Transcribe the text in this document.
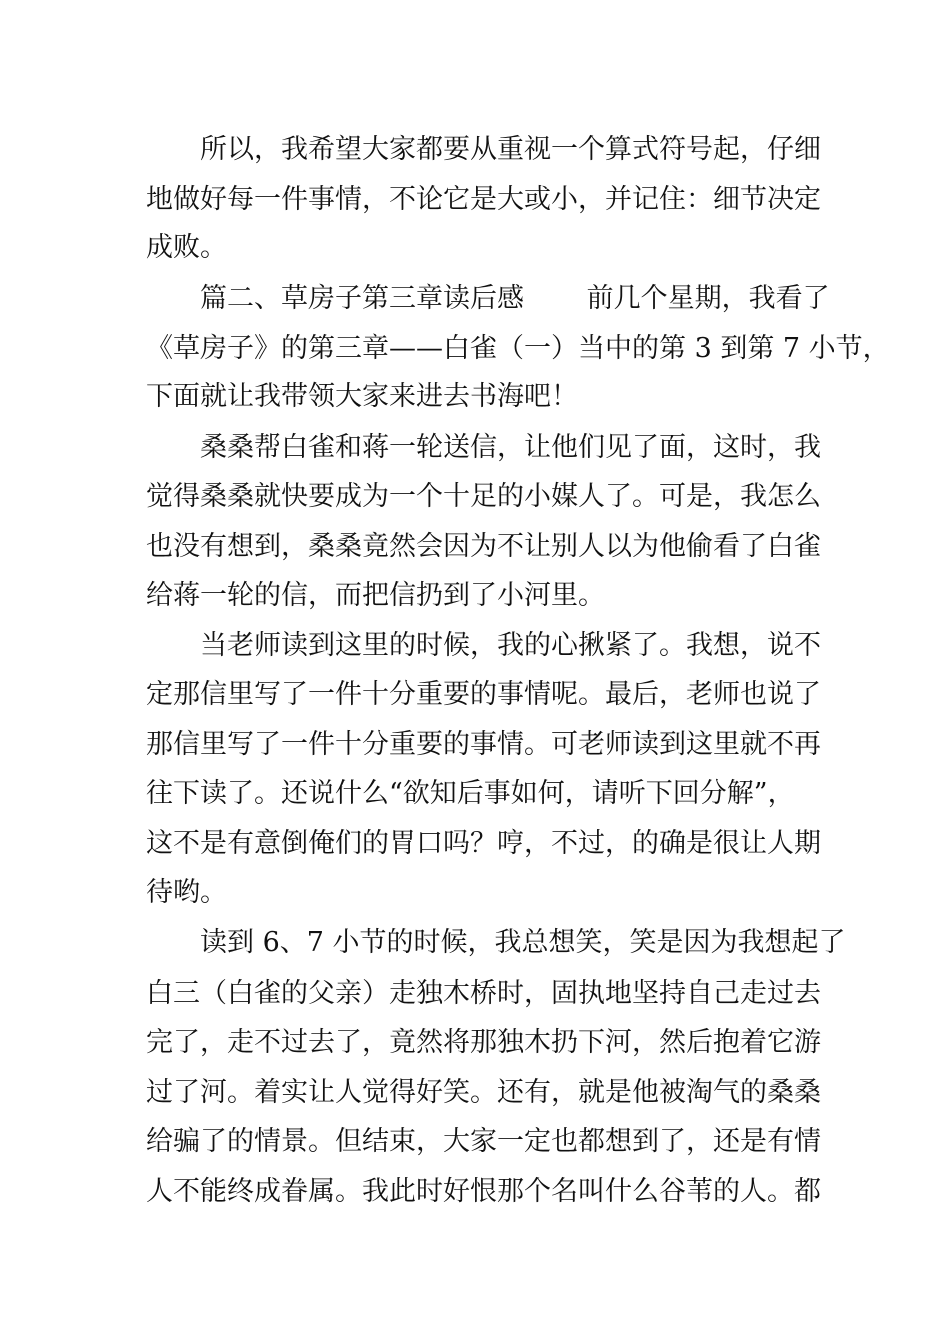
　　所以，我希望大家都要从重视一个算式符号起，仔细
地做好每一件事情，不论它是大或小，并记住：细节决定
成败。
　　篇二、草房子第三章读后感　　 前几个星期，我看了
《草房子》的第三章——白雀（一）当中的第 3 到第 7 小节，
下面就让我带领大家来进去书海吧！
　　桑桑帮白雀和蒋一轮送信，让他们见了面，这时，我
觉得桑桑就快要成为一个十足的小媒人了。可是，我怎么
也没有想到，桑桑竟然会因为不让别人以为他偷看了白雀
给蒋一轮的信，而把信扔到了小河里。
　　当老师读到这里的时候，我的心揪紧了。我想，说不
定那信里写了一件十分重要的事情呢。最后，老师也说了
那信里写了一件十分重要的事情。可老师读到这里就不再
往下读了。还说什么“欲知后事如何，请听下回分解”，
这不是有意倒俺们的胃口吗？哼，不过，的确是很让人期
待哟。
　　读到 6、7 小节的时候，我总想笑，笑是因为我想起了
白三（白雀的父亲）走独木桥时，固执地坚持自己走过去
完了，走不过去了，竟然将那独木扔下河，然后抱着它游
过了河。着实让人觉得好笑。还有，就是他被淘气的桑桑
给骗了的情景。但结束，大家一定也都想到了，还是有情
人不能终成眷属。我此时好恨那个名叫什么谷苇的人。都
